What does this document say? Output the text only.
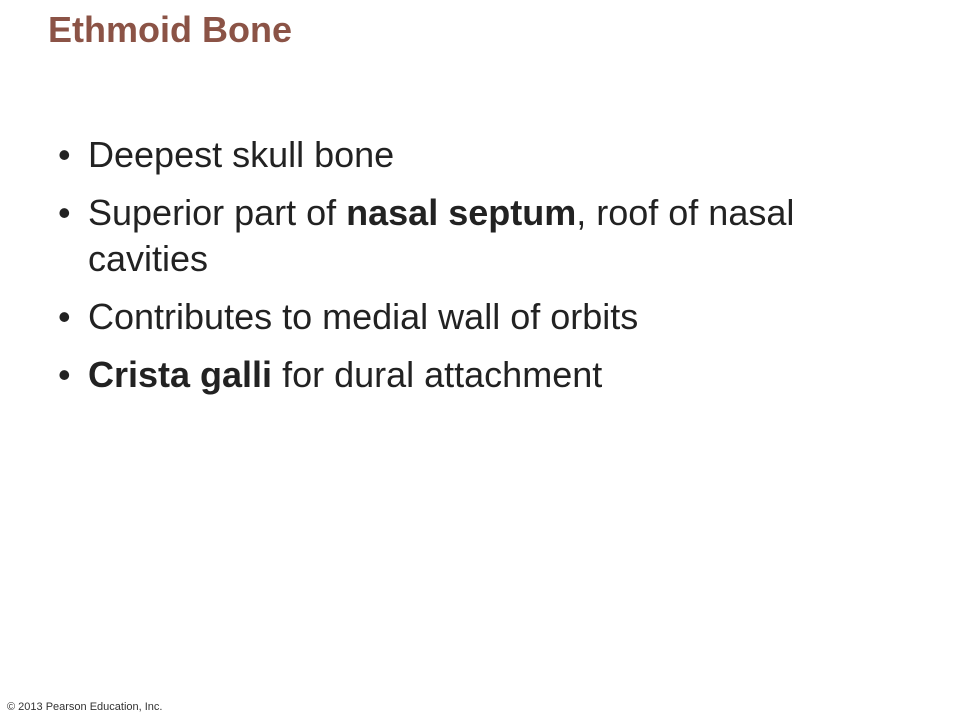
Ethmoid Bone
• Deepest skull bone
• Superior part of nasal septum, roof of nasal cavities
• Contributes to medial wall of orbits
• Crista galli for dural attachment
© 2013 Pearson Education, Inc.
